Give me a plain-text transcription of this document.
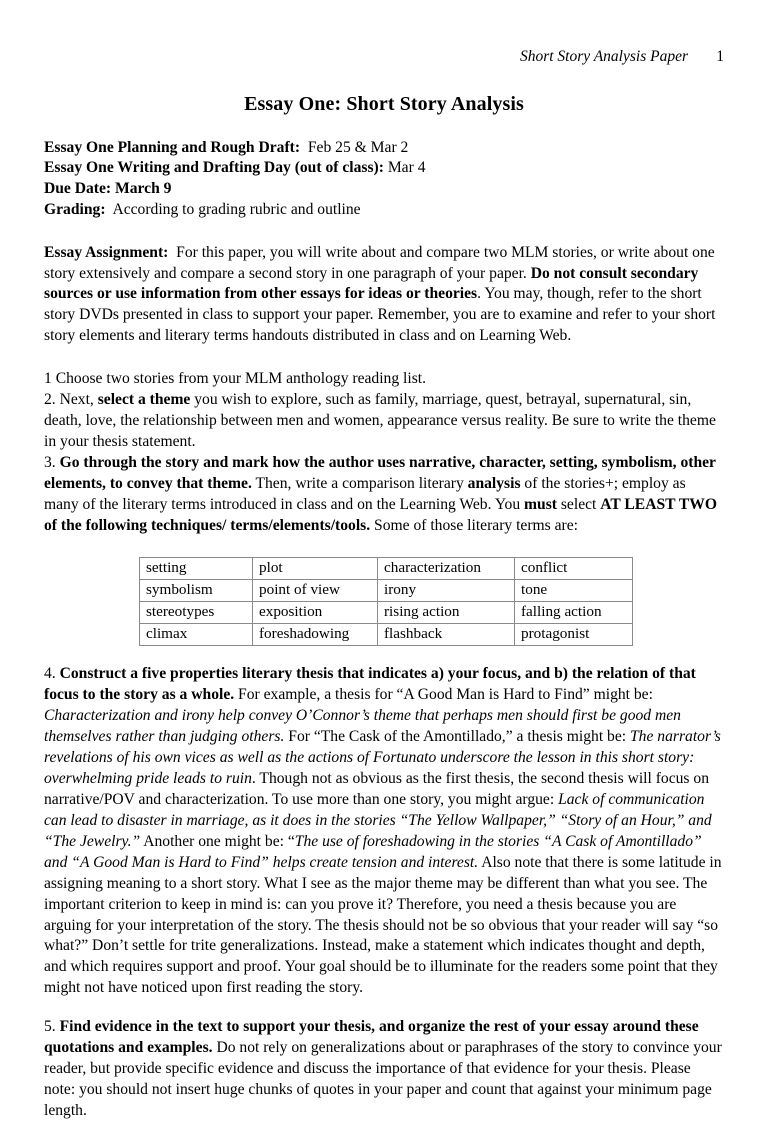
Short Story Analysis Paper 1
Essay One: Short Story Analysis

Essay One Planning and Rough Draft: Feb 25 & Mar 2

Essay One Writing and Drafting Day (out of class): Mar 4

Due Date: March 9

Grading: According to grading rubric and outline

Essay Assignment: For this paper, you will write about and compare two MLM stories, or write about one story extensively and compare a second story in one paragraph of your paper. Do not consult secondary sources or use information from other essays for ideas or theories. You may, though, refer to the short story DVDs presented in class to support your paper. Remember, you are to examine and refer to your short story elements and literary terms handouts distributed in class and on Learning Web.

1 Choose two stories from your MLM anthology reading list.

2. Next, select a theme you wish to explore, such as family, marriage, quest, betrayal, supernatural, sin, death, love, the relationship between men and women, appearance versus reality. Be sure to write the theme in your thesis statement.

3. Go through the story and mark how the author uses narrative, character, setting, symbolism, other elements, to convey that theme. Then, write a comparison literary analysis of the stories+; employ as many of the literary terms introduced in class and on the Learning Web. You must select AT LEAST TWO of the following techniques/ terms/elements/tools. Some of those literary terms are:

setting	plot	characterization	conflict
symbolism	point of view	irony	tone
stereotypes	exposition	rising action	falling action
climax	foreshadowing	flashback	protagonist

4. Construct a five properties literary thesis that indicates a) your focus, and b) the relation of that focus to the story as a whole. For example, a thesis for “A Good Man is Hard to Find” might be: Characterization and irony help convey O’Connor’s theme that perhaps men should first be good men themselves rather than judging others. For “The Cask of the Amontillado,” a thesis might be: The narrator’s revelations of his own vices as well as the actions of Fortunato underscore the lesson in this short story: overwhelming pride leads to ruin. Though not as obvious as the first thesis, the second thesis will focus on narrative/POV and characterization. To use more than one story, you might argue: Lack of communication can lead to disaster in marriage, as it does in the stories “The Yellow Wallpaper,” “Story of an Hour,” and “The Jewelry.” Another one might be: “The use of foreshadowing in the stories “A Cask of Amontillado” and “A Good Man is Hard to Find” helps create tension and interest. Also note that there is some latitude in assigning meaning to a short story. What I see as the major theme may be different than what you see. The important criterion to keep in mind is: can you prove it? Therefore, you need a thesis because you are arguing for your interpretation of the story. The thesis should not be so obvious that your reader will say “so what?” Don’t settle for trite generalizations. Instead, make a statement which indicates thought and depth, and which requires support and proof. Your goal should be to illuminate for the readers some point that they might not have noticed upon first reading the story.

5. Find evidence in the text to support your thesis, and organize the rest of your essay around these quotations and examples. Do not rely on generalizations about or paraphrases of the story to convince your reader, but provide specific evidence and discuss the importance of that evidence for your thesis. Please note: you should not insert huge chunks of quotes in your paper and count that against your minimum page length.
